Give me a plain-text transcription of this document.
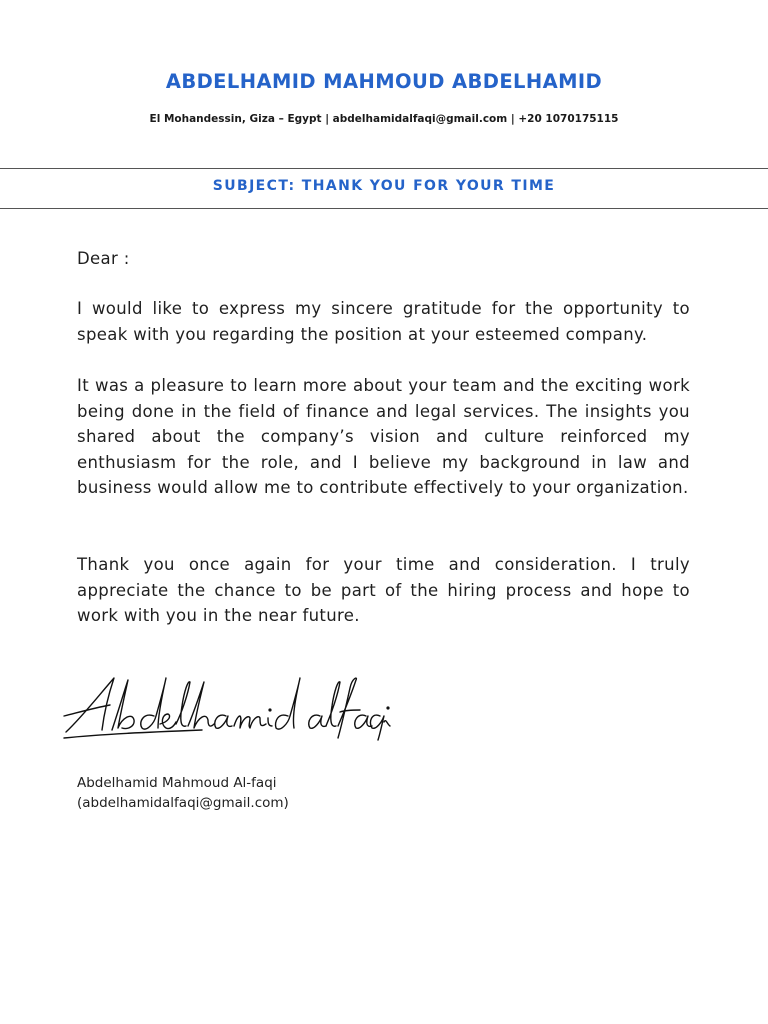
ABDELHAMID MAHMOUD ABDELHAMID
El Mohandessin, Giza – Egypt | abdelhamidalfaqi@gmail.com | +20 1070175115
SUBJECT: THANK YOU FOR YOUR TIME

Dear :

I would like to express my sincere gratitude for the opportunity to speak with you regarding the position at your esteemed company.

It was a pleasure to learn more about your team and the exciting work being done in the field of finance and legal services. The insights you shared about the company’s vision and culture reinforced my enthusiasm for the role, and I believe my background in law and business would allow me to contribute effectively to your organization.

Thank you once again for your time and consideration. I truly appreciate the chance to be part of the hiring process and hope to work with you in the near future.

Abdelhamid Mahmoud Al-faqi
(abdelhamidalfaqi@gmail.com)
